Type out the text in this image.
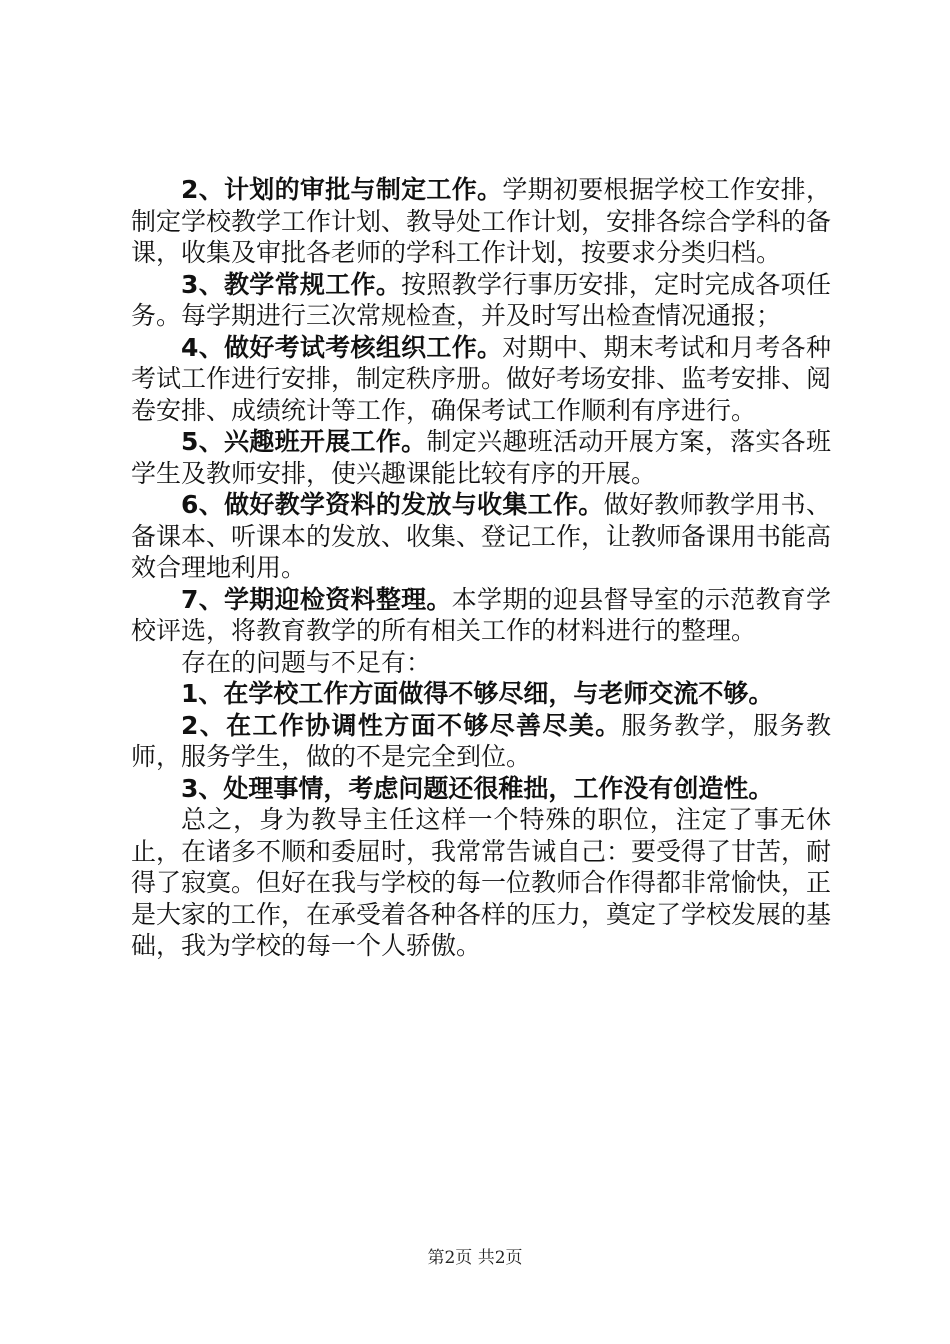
2、计划的审批与制定工作。学期初要根据学校工作安排，制定学校教学工作计划、教导处工作计划，安排各综合学科的备课，收集及审批各老师的学科工作计划，按要求分类归档。

3、教学常规工作。按照教学行事历安排，定时完成各项任务。每学期进行三次常规检查，并及时写出检查情况通报；

4、做好考试考核组织工作。对期中、期末考试和月考各种考试工作进行安排，制定秩序册。做好考场安排、监考安排、阅卷安排、成绩统计等工作，确保考试工作顺利有序进行。

5、兴趣班开展工作。制定兴趣班活动开展方案，落实各班学生及教师安排，使兴趣课能比较有序的开展。

6、做好教学资料的发放与收集工作。做好教师教学用书、备课本、听课本的发放、收集、登记工作，让教师备课用书能高效合理地利用。

7、学期迎检资料整理。本学期的迎县督导室的示范教育学校评选，将教育教学的所有相关工作的材料进行的整理。

存在的问题与不足有：

1、在学校工作方面做得不够尽细，与老师交流不够。

2、在工作协调性方面不够尽善尽美。服务教学，服务教师，服务学生，做的不是完全到位。

3、处理事情，考虑问题还很稚拙，工作没有创造性。

总之，身为教导主任这样一个特殊的职位，注定了事无休止，在诸多不顺和委屈时，我常常告诫自己：要受得了甘苦，耐得了寂寞。但好在我与学校的每一位教师合作得都非常愉快，正是大家的工作，在承受着各种各样的压力，奠定了学校发展的基础，我为学校的每一个人骄傲。

第2页 共2页
